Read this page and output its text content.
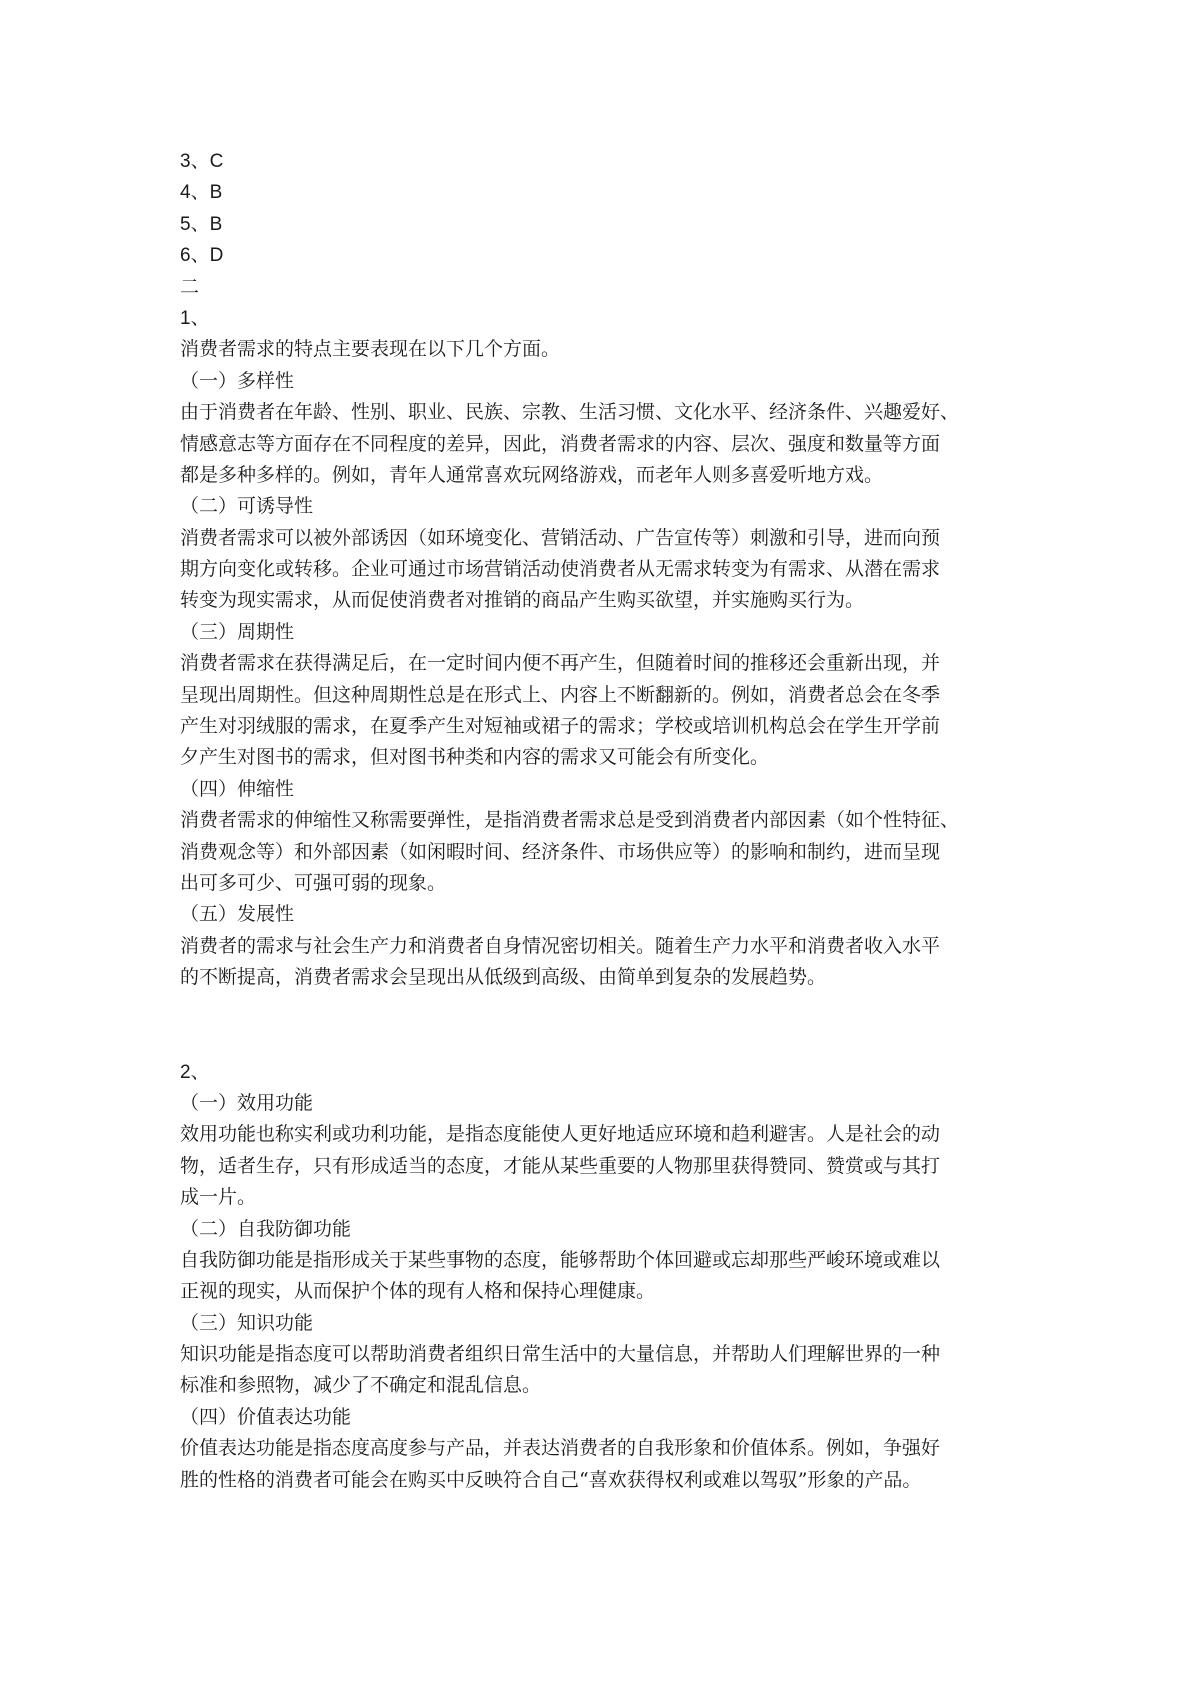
3、C
4、B
5、B
6、D
二
1、
消费者需求的特点主要表现在以下几个方面。
（一）多样性
由于消费者在年龄、性别、职业、民族、宗教、生活习惯、文化水平、经济条件、兴趣爱好、
情感意志等方面存在不同程度的差异，因此，消费者需求的内容、层次、强度和数量等方面
都是多种多样的。例如，青年人通常喜欢玩网络游戏，而老年人则多喜爱听地方戏。
（二）可诱导性
消费者需求可以被外部诱因（如环境变化、营销活动、广告宣传等）刺激和引导，进而向预
期方向变化或转移。企业可通过市场营销活动使消费者从无需求转变为有需求、从潜在需求
转变为现实需求，从而促使消费者对推销的商品产生购买欲望，并实施购买行为。
（三）周期性
消费者需求在获得满足后，在一定时间内便不再产生，但随着时间的推移还会重新出现，并
呈现出周期性。但这种周期性总是在形式上、内容上不断翻新的。例如，消费者总会在冬季
产生对羽绒服的需求，在夏季产生对短袖或裙子的需求；学校或培训机构总会在学生开学前
夕产生对图书的需求，但对图书种类和内容的需求又可能会有所变化。
（四）伸缩性
消费者需求的伸缩性又称需要弹性，是指消费者需求总是受到消费者内部因素（如个性特征、
消费观念等）和外部因素（如闲暇时间、经济条件、市场供应等）的影响和制约，进而呈现
出可多可少、可强可弱的现象。
（五）发展性
消费者的需求与社会生产力和消费者自身情况密切相关。随着生产力水平和消费者收入水平
的不断提高，消费者需求会呈现出从低级到高级、由简单到复杂的发展趋势。
2、
（一）效用功能
效用功能也称实利或功利功能，是指态度能使人更好地适应环境和趋利避害。人是社会的动
物，适者生存，只有形成适当的态度，才能从某些重要的人物那里获得赞同、赞赏或与其打
成一片。
（二）自我防御功能
自我防御功能是指形成关于某些事物的态度，能够帮助个体回避或忘却那些严峻环境或难以
正视的现实，从而保护个体的现有人格和保持心理健康。
（三）知识功能
知识功能是指态度可以帮助消费者组织日常生活中的大量信息，并帮助人们理解世界的一种
标准和参照物，减少了不确定和混乱信息。
（四）价值表达功能
价值表达功能是指态度高度参与产品，并表达消费者的自我形象和价值体系。例如，争强好
胜的性格的消费者可能会在购买中反映符合自己“喜欢获得权利或难以驾驭”形象的产品。
